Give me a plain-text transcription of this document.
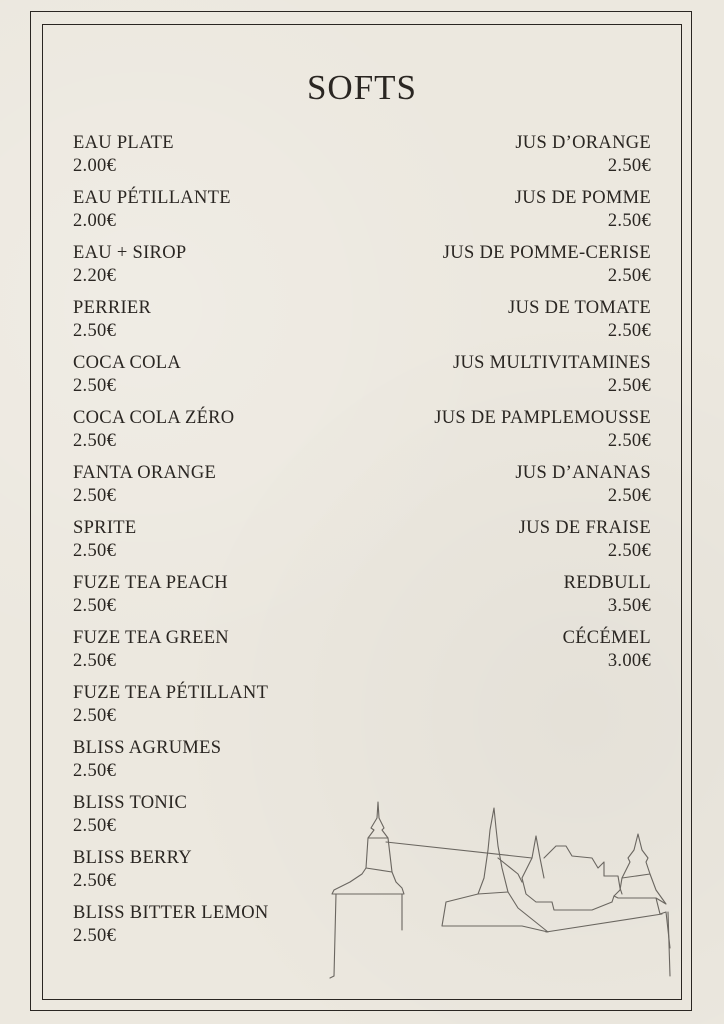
SOFTS
EAU PLATE
2.00€
EAU PÉTILLANTE
2.00€
EAU + SIROP
2.20€
PERRIER
2.50€
COCA COLA
2.50€
COCA COLA ZÉRO
2.50€
FANTA ORANGE
2.50€
SPRITE
2.50€
FUZE TEA PEACH
2.50€
FUZE TEA GREEN
2.50€
FUZE TEA PÉTILLANT
2.50€
BLISS AGRUMES
2.50€
BLISS TONIC
2.50€
BLISS BERRY
2.50€
BLISS BITTER LEMON
2.50€
JUS D’ORANGE
2.50€
JUS DE POMME
2.50€
JUS DE POMME-CERISE
2.50€
JUS DE TOMATE
2.50€
JUS MULTIVITAMINES
2.50€
JUS DE PAMPLEMOUSSE
2.50€
JUS D’ANANAS
2.50€
JUS DE FRAISE
2.50€
REDBULL
3.50€
CÉCÉMEL
3.00€
